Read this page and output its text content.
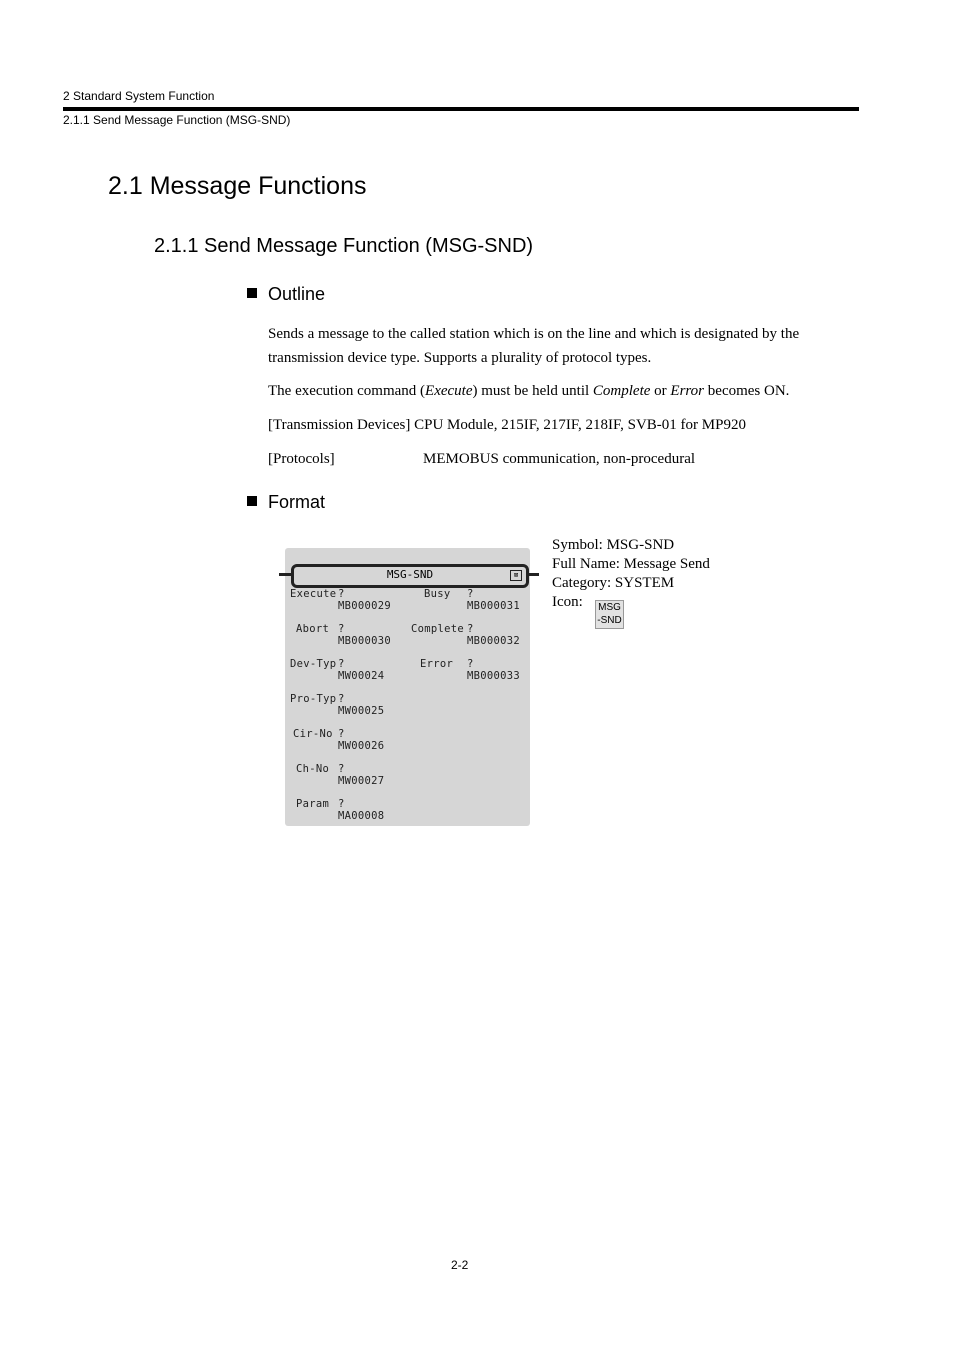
2 Standard System Function
2.1.1 Send Message Function (MSG-SND)
2.1 Message Functions
2.1.1 Send Message Function (MSG-SND)
Outline
Sends a message to the called station which is on the line and which is designated by the transmission device type. Supports a plurality of protocol types.
The execution command (Execute) must be held until Complete or Error becomes ON.
[Transmission Devices] CPU Module, 215IF, 217IF, 218IF, SVB-01 for MP920
[Protocols]	MEMOBUS communication, non-procedural
Format
MSG-SND	⊠
Execute ?
MB000029
Abort ?
MB000030
Dev-Typ ?
MW00024
Pro-Typ ?
MW00025
Cir-No ?
MW00026
Ch-No ?
MW00027
Param ?
MA00008
Busy ?
MB000031
Complete ?
MB000032
Error ?
MB000033
Symbol: MSG-SND
Full Name: Message Send
Category: SYSTEM
Icon: MSG
-SND
2-2
